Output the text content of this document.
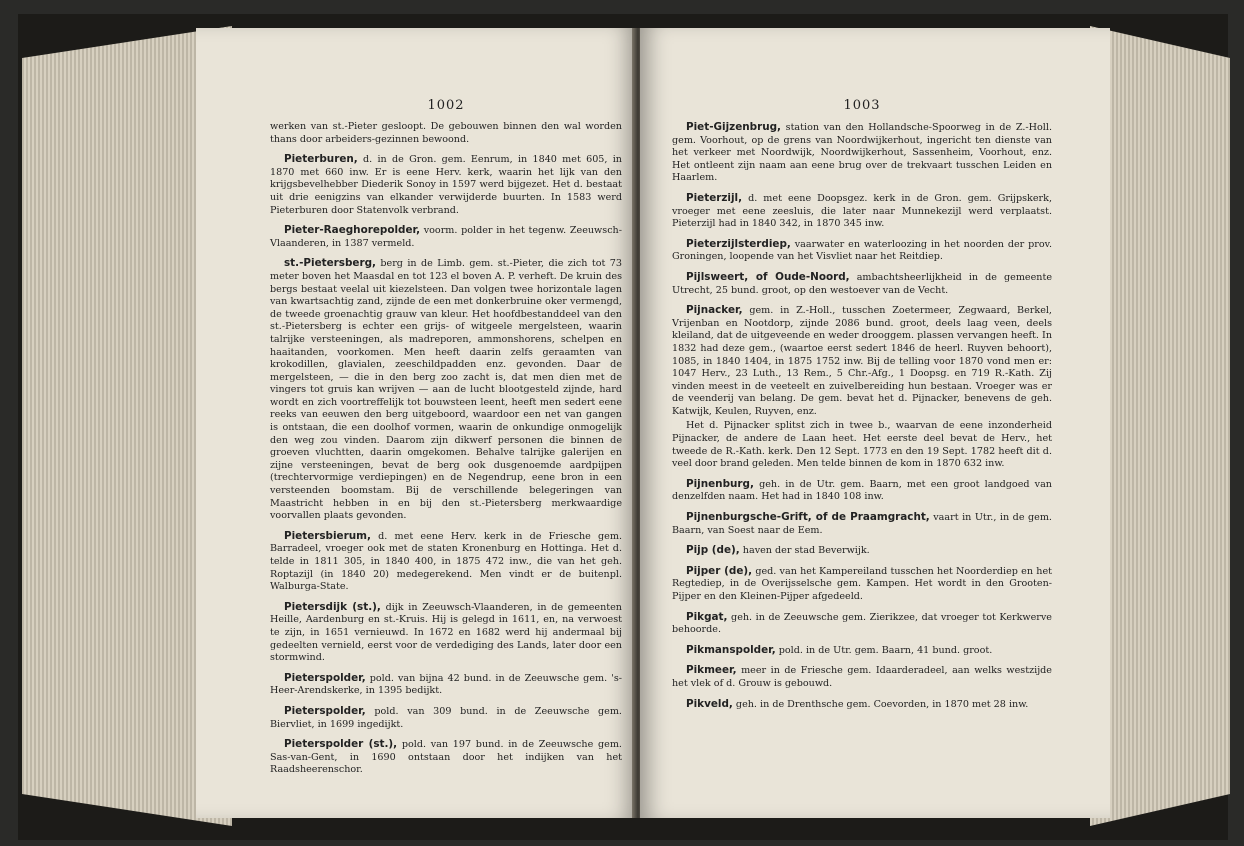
1002

werken van st.-Pieter gesloopt. De gebouwen binnen den wal worden thans door arbeiders-gezinnen bewoond.

Pieterburen, d. in de Gron. gem. Eenrum, in 1840 met 605, in 1870 met 660 inw. Er is eene Herv. kerk, waarin het lijk van den krijgsbevelhebber Diederik Sonoy in 1597 werd bijgezet. Het d. bestaat uit drie eenigzins van elkander verwijderde buurten. In 1583 werd Pieterburen door Statenvolk verbrand.

Pieter-Raeghorepolder, voorm. polder in het tegenw. Zeeuwsch-Vlaanderen, in 1387 vermeld.

st.-Pietersberg, berg in de Limb. gem. st.-Pieter, die zich tot 73 meter boven het Maasdal en tot 123 el boven A. P. verheft. De kruin des bergs bestaat veelal uit kiezelsteen. Dan volgen twee horizontale lagen van kwartsachtig zand, zijnde de een met donkerbruine oker vermengd, de tweede groenachtig grauw van kleur. Het hoofdbestanddeel van den st.-Pietersberg is echter een grijs- of witgeele mergelsteen, waarin talrijke versteeningen, als madreporen, ammonshorens, schelpen en haaitanden, voorkomen. Men heeft daarin zelfs geraamten van krokodillen, glavialen, zeeschildpadden enz. gevonden. Daar de mergelsteen, — die in den berg zoo zacht is, dat men dien met de vingers tot gruis kan wrijven — aan de lucht blootgesteld zijnde, hard wordt en zich voortreffelijk tot bouwsteen leent, heeft men sedert eene reeks van eeuwen den berg uitgeboord, waardoor een net van gangen is ontstaan, die een doolhof vormen, waarin de onkundige onmogelijk den weg zou vinden. Daarom zijn dikwerf personen die binnen de groeven vluchtten, daarin omgekomen. Behalve talrijke galerijen en zijne versteeningen, bevat de berg ook dusgenoemde aardpijpen (trechtervormige verdiepingen) en de Negendrup, eene bron in een versteenden boomstam. Bij de verschillende belegeringen van Maastricht hebben in en bij den st.-Pietersberg merkwaardige voorvallen plaats gevonden.

Pietersbierum, d. met eene Herv. kerk in de Friesche gem. Barradeel, vroeger ook met de staten Kronenburg en Hottinga. Het d. telde in 1811 305, in 1840 400, in 1875 472 inw., die van het geh. Roptazijl (in 1840 20) medegerekend. Men vindt er de buitenpl. Walburga-State.

Pietersdijk (st.), dijk in Zeeuwsch-Vlaanderen, in de gemeenten Heille, Aardenburg en st.-Kruis. Hij is gelegd in 1611, en, na verwoest te zijn, in 1651 vernieuwd. In 1672 en 1682 werd hij andermaal bij gedeelten vernield, eerst voor de verdediging des Lands, later door een stormwind.

Pieterspolder, pold. van bijna 42 bund. in de Zeeuwsche gem. 's-Heer-Arendskerke, in 1395 bedijkt.

Pieterspolder, pold. van 309 bund. in de Zeeuwsche gem. Biervliet, in 1699 ingedijkt.

Pieterspolder (st.), pold. van 197 bund. in de Zeeuwsche gem. Sas-van-Gent, in 1690 ontstaan door het indijken van het Raadsheerenschor.

1003

Piet-Gijzenbrug, station van den Hollandsche-Spoorweg in de Z.-Holl. gem. Voorhout, op de grens van Noordwijkerhout, ingericht ten dienste van het verkeer met Noordwijk, Noordwijkerhout, Sassenheim, Voorhout, enz. Het ontleent zijn naam aan eene brug over de trekvaart tusschen Leiden en Haarlem.

Pieterzijl, d. met eene Doopsgez. kerk in de Gron. gem. Grijpskerk, vroeger met eene zeesluis, die later naar Munnekezijl werd verplaatst. Pieterzijl had in 1840 342, in 1870 345 inw.

Pieterzijlsterdiep, vaarwater en waterloozing in het noorden der prov. Groningen, loopende van het Visvliet naar het Reitdiep.

Pijlsweert, of Oude-Noord, ambachtsheerlijkheid in de gemeente Utrecht, 25 bund. groot, op den westoever van de Vecht.

Pijnacker, gem. in Z.-Holl., tusschen Zoetermeer, Zegwaard, Berkel, Vrijenban en Nootdorp, zijnde 2086 bund. groot, deels laag veen, deels kleiland, dat de uitgeveende en weder drooggem. plassen vervangen heeft. In 1832 had deze gem., (waartoe eerst sedert 1846 de heerl. Ruyven behoort), 1085, in 1840 1404, in 1875 1752 inw. Bij de telling voor 1870 vond men er: 1047 Herv., 23 Luth., 13 Rem., 5 Chr.-Afg., 1 Doopsg. en 719 R.-Kath. Zij vinden meest in de veeteelt en zuivelbereiding hun bestaan. Vroeger was er de veenderij van belang. De gem. bevat het d. Pijnacker, benevens de geh. Katwijk, Keulen, Ruyven, enz.

Het d. Pijnacker splitst zich in twee b., waarvan de eene inzonderheid Pijnacker, de andere de Laan heet. Het eerste deel bevat de Herv., het tweede de R.-Kath. kerk. Den 12 Sept. 1773 en den 19 Sept. 1782 heeft dit d. veel door brand geleden. Men telde binnen de kom in 1870 632 inw.

Pijnenburg, geh. in de Utr. gem. Baarn, met een groot landgoed van denzelfden naam. Het had in 1840 108 inw.

Pijnenburgsche-Grift, of de Praamgracht, vaart in Utr., in de gem. Baarn, van Soest naar de Eem.

Pijp (de), haven der stad Beverwijk.

Pijper (de), ged. van het Kampereiland tusschen het Noorderdiep en het Regtediep, in de Overijsselsche gem. Kampen. Het wordt in den Grooten-Pijper en den Kleinen-Pijper afgedeeld.

Pikgat, geh. in de Zeeuwsche gem. Zierikzee, dat vroeger tot Kerkwerve behoorde.

Pikmanspolder, pold. in de Utr. gem. Baarn, 41 bund. groot.

Pikmeer, meer in de Friesche gem. Idaarderadeel, aan welks westzijde het vlek of d. Grouw is gebouwd.

Pikveld, geh. in de Drenthsche gem. Coevorden, in 1870 met 28 inw.
